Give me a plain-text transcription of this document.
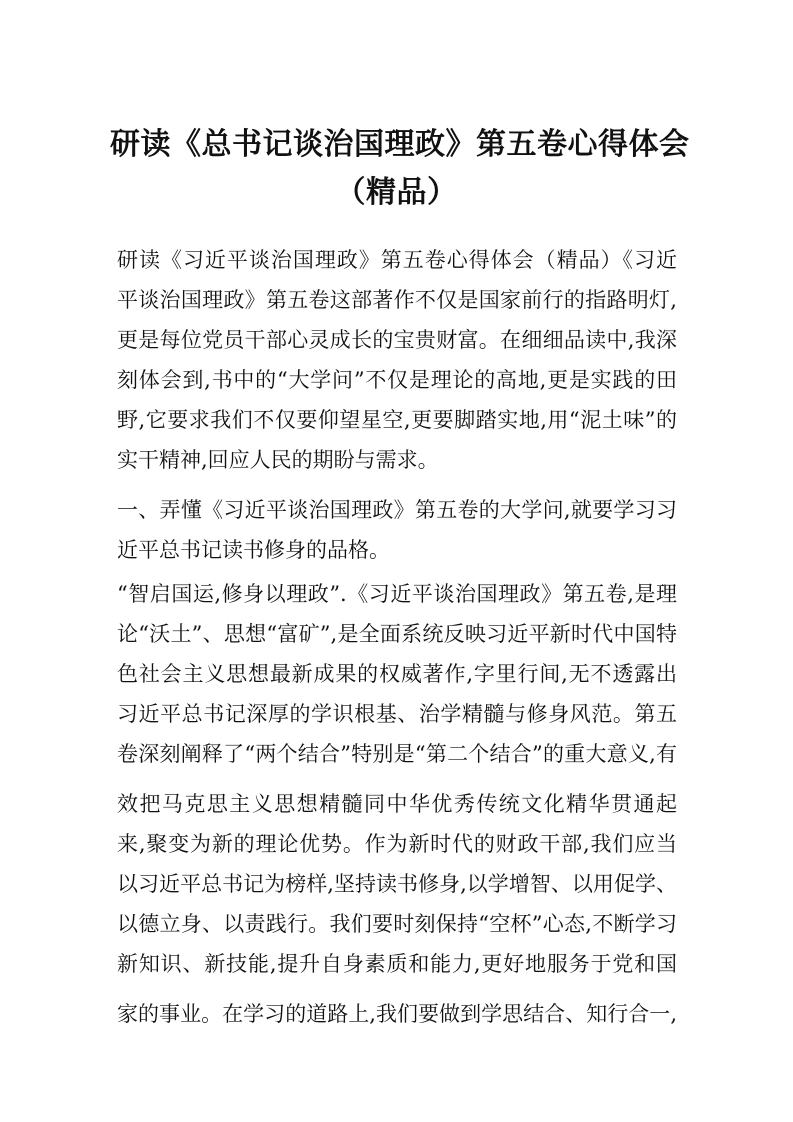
研读《总书记谈治国理政》第五卷心得体会
（精品）
研读《习近平谈治国理政》第五卷心得体会（精品）《习近
平谈治国理政》第五卷这部著作不仅是国家前行的指路明灯,
更是每位党员干部心灵成长的宝贵财富。在细细品读中,我深
刻体会到,书中的“大学问”不仅是理论的高地,更是实践的田
野,它要求我们不仅要仰望星空,更要脚踏实地,用“泥土味”的
实干精神,回应人民的期盼与需求。
一、弄懂《习近平谈治国理政》第五卷的大学问,就要学习习
近平总书记读书修身的品格。
“智启国运,修身以理政”.《习近平谈治国理政》第五卷,是理
论“沃土”、思想“富矿”,是全面系统反映习近平新时代中国特
色社会主义思想最新成果的权威著作,字里行间,无不透露出
习近平总书记深厚的学识根基、治学精髓与修身风范。第五
卷深刻阐释了“两个结合”特别是“第二个结合”的重大意义,有
效把马克思主义思想精髓同中华优秀传统文化精华贯通起
来,聚变为新的理论优势。作为新时代的财政干部,我们应当
以习近平总书记为榜样,坚持读书修身,以学增智、以用促学、
以德立身、以责践行。我们要时刻保持“空杯”心态,不断学习
新知识、新技能,提升自身素质和能力,更好地服务于党和国
家的事业。在学习的道路上,我们要做到学思结合、知行合一,
